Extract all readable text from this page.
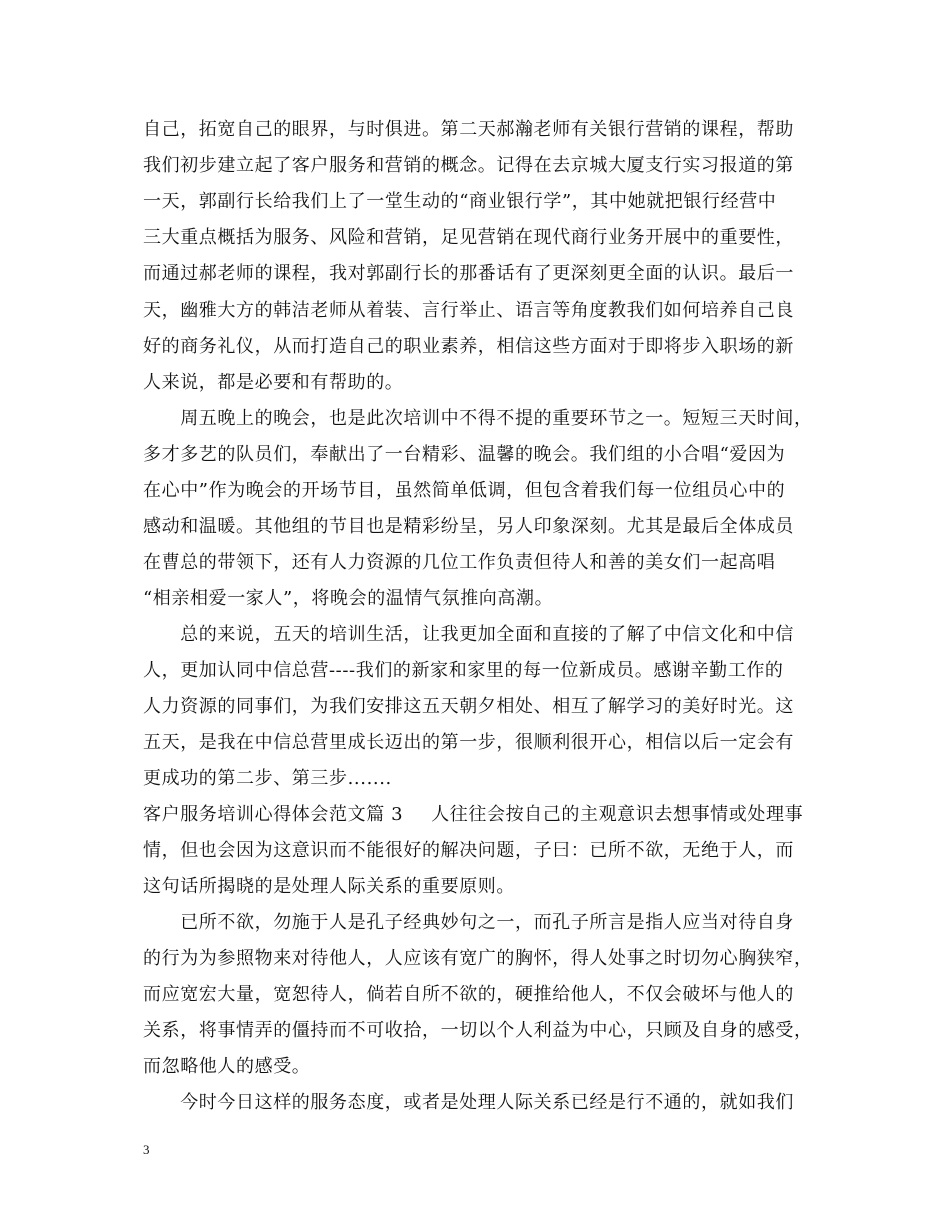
自己，拓宽自己的眼界，与时俱进。第二天郝瀚老师有关银行营销的课程，帮助
我们初步建立起了客户服务和营销的概念。记得在去京城大厦支行实习报道的第
一天，郭副行长给我们上了一堂生动的“商业银行学”，其中她就把银行经营中
三大重点概括为服务、风险和营销，足见营销在现代商行业务开展中的重要性，
而通过郝老师的课程，我对郭副行长的那番话有了更深刻更全面的认识。最后一
天，幽雅大方的韩洁老师从着装、言行举止、语言等角度教我们如何培养自己良
好的商务礼仪，从而打造自己的职业素养，相信这些方面对于即将步入职场的新
人来说，都是必要和有帮助的。
　　周五晚上的晚会，也是此次培训中不得不提的重要环节之一。短短三天时间，
多才多艺的队员们，奉献出了一台精彩、温馨的晚会。我们组的小合唱“爱因为
在心中”作为晚会的开场节目，虽然简单低调，但包含着我们每一位组员心中的
感动和温暖。其他组的节目也是精彩纷呈，另人印象深刻。尤其是最后全体成员
在曹总的带领下，还有人力资源的几位工作负责但待人和善的美女们一起高唱
“相亲相爱一家人”，将晚会的温情气氛推向高潮。
　　总的来说，五天的培训生活，让我更加全面和直接的了解了中信文化和中信
人，更加认同中信总营----我们的新家和家里的每一位新成员。感谢辛勤工作的
人力资源的同事们，为我们安排这五天朝夕相处、相互了解学习的美好时光。这
五天，是我在中信总营里成长迈出的第一步，很顺利很开心，相信以后一定会有
更成功的第二步、第三步.......
客户服务培训心得体会范文篇 3 人往往会按自己的主观意识去想事情或处理事
情，但也会因为这意识而不能很好的解决问题，子曰：已所不欲，无绝于人，而
这句话所揭晓的是处理人际关系的重要原则。
　　已所不欲，勿施于人是孔子经典妙句之一，而孔子所言是指人应当对待自身
的行为为参照物来对待他人，人应该有宽广的胸怀，得人处事之时切勿心胸狭窄，
而应宽宏大量，宽恕待人，倘若自所不欲的，硬推给他人，不仅会破坏与他人的
关系，将事情弄的僵持而不可收拾，一切以个人利益为中心，只顾及自身的感受，
而忽略他人的感受。
　　今时今日这样的服务态度，或者是处理人际关系已经是行不通的，就如我们
3
